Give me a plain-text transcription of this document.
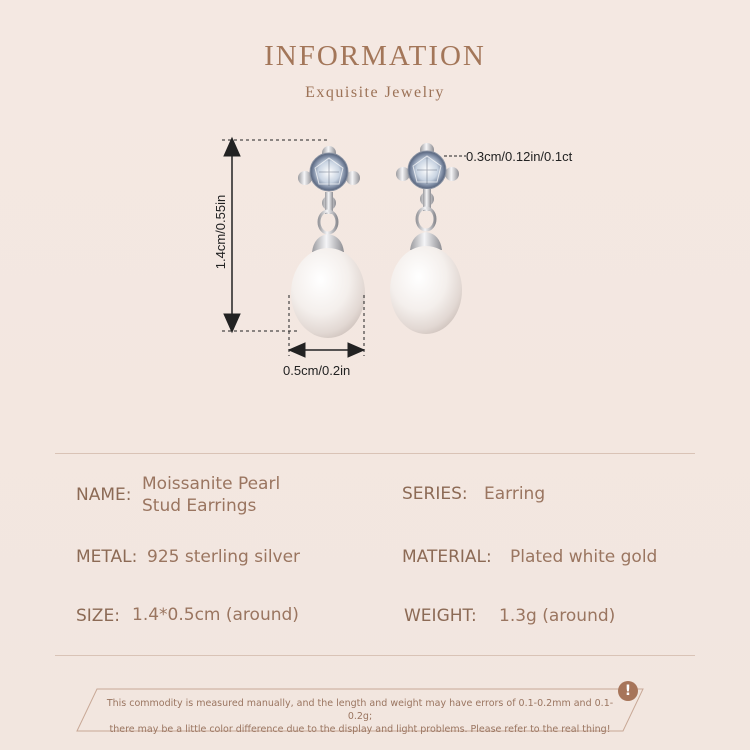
INFORMATION
Exquisite Jewelry
1.4cm/0.55in
0.5cm/0.2in
0.3cm/0.12in/0.1ct
NAME:
Moissanite Pearl
Stud Earrings
SERIES: Earring
METAL: 925 sterling silver	MATERIAL: Plated white gold
SIZE: 1.4*0.5cm (around)	WEIGHT: 1.3g (around)
This commodity is measured manually, and the length and weight may have errors of 0.1-0.2mm and 0.1-0.2g;
there may be a little color difference due to the display and light problems. Please refer to the real thing!
!
